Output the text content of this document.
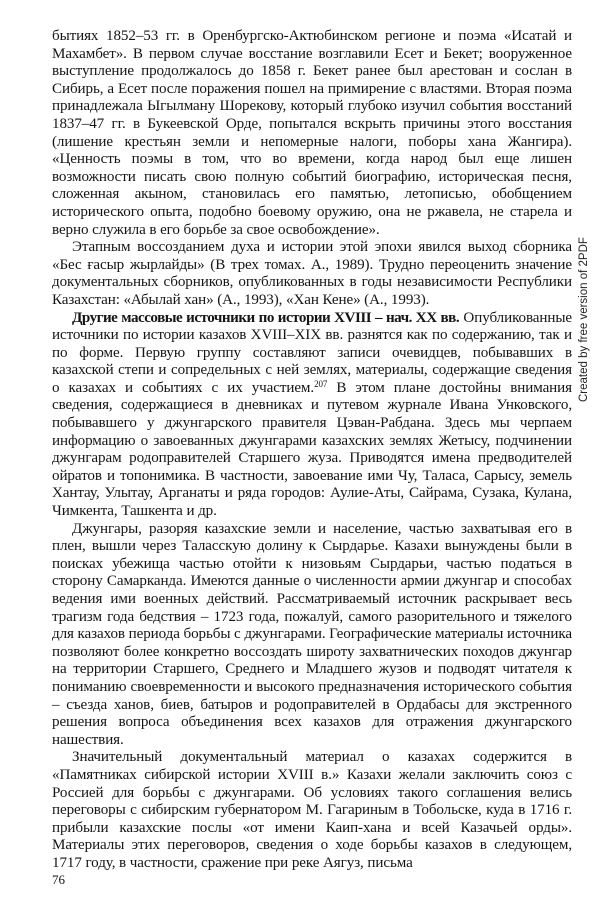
бытиях 1852–53 гг. в Оренбургско-Актюбинском регионе и поэма «Исатай и Махамбет». В первом случае восстание возглавили Есет и Бекет; вооруженное выступление продолжалось до 1858 г. Бекет ранее был арестован и сослан в Сибирь, а Есет после поражения пошел на примирение с властями. Вторая поэма принадлежала Ыгылману Шорекову, который глубоко изучил события восстаний 1837–47 гг. в Букеевской Орде, попытался вскрыть причины этого восстания (лишение крестьян земли и непомерные налоги, поборы хана Жангира). «Ценность поэмы в том, что во времени, когда народ был еще лишен возможности писать свою полную событий биографию, историческая песня, сложенная акыном, становилась его памятью, летописью, обобщением исторического опыта, подобно боевому оружию, она не ржавела, не старела и верно служила в его борьбе за свое освобождение».

Этапным воссозданием духа и истории этой эпохи явился выход сборника «Бес ғасыр жырлайды» (В трех томах. А., 1989). Трудно переоценить значение документальных сборников, опубликованных в годы независимости Республики Казахстан: «Абылай хан» (А., 1993), «Хан Кене» (А., 1993).

Другие массовые источники по истории XVIII – нач. XX вв. Опубликованные источники по истории казахов XVIII–XIX вв. разнятся как по содержанию, так и по форме. Первую группу составляют записи очевидцев, побывавших в казахской степи и сопредельных с ней землях, материалы, содержащие сведения о казахах и событиях с их участием.$^{207}$ В этом плане достойны внимания сведения, содержащиеся в дневниках и путевом журнале Ивана Унковского, побывавшего у джунгарского правителя Цэван-Рабдана. Здесь мы черпаем информацию о завоеванных джунгарами казахских землях Жетысу, подчинении джунгарам родоправителей Старшего жуза. Приводятся имена предводителей ойратов и топонимика. В частности, завоевание ими Чу, Таласа, Сарысу, земель Хантау, Улытау, Арганаты и ряда городов: Аулие-Аты, Сайрама, Сузака, Кулана, Чимкента, Ташкента и др.

Джунгары, разоряя казахские земли и население, частью захватывая его в плен, вышли через Таласскую долину к Сырдарье. Казахи вынуждены были в поисках убежища частью отойти к низовьям Сырдарьи, частью податься в сторону Самарканда. Имеются данные о численности армии джунгар и способах ведения ими военных действий. Рассматриваемый источник раскрывает весь трагизм года бедствия – 1723 года, пожалуй, самого разорительного и тяжелого для казахов периода борьбы с джунгарами. Географические материалы источника позволяют более конкретно воссоздать широту захватнических походов джунгар на территории Старшего, Среднего и Младшего жузов и подводят читателя к пониманию своевременности и высокого предназначения исторического события – съезда ханов, биев, батыров и родоправителей в Ордабасы для экстренного решения вопроса объединения всех казахов для отражения джунгарского нашествия.

Значительный документальный материал о казахах содержится в «Памятниках сибирской истории XVIII в.» Казахи желали заключить союз с Россией для борьбы с джунгарами. Об условиях такого соглашения велись переговоры с сибирским губернатором М. Гагариным в Тобольске, куда в 1716 г. прибыли казахские послы «от имени Каип-хана и всей Казачьей орды». Материалы этих переговоров, сведения о ходе борьбы казахов в следующем, 1717 году, в частности, сражение при реке Аягуз, письма

Created by free version of 2PDF
76
